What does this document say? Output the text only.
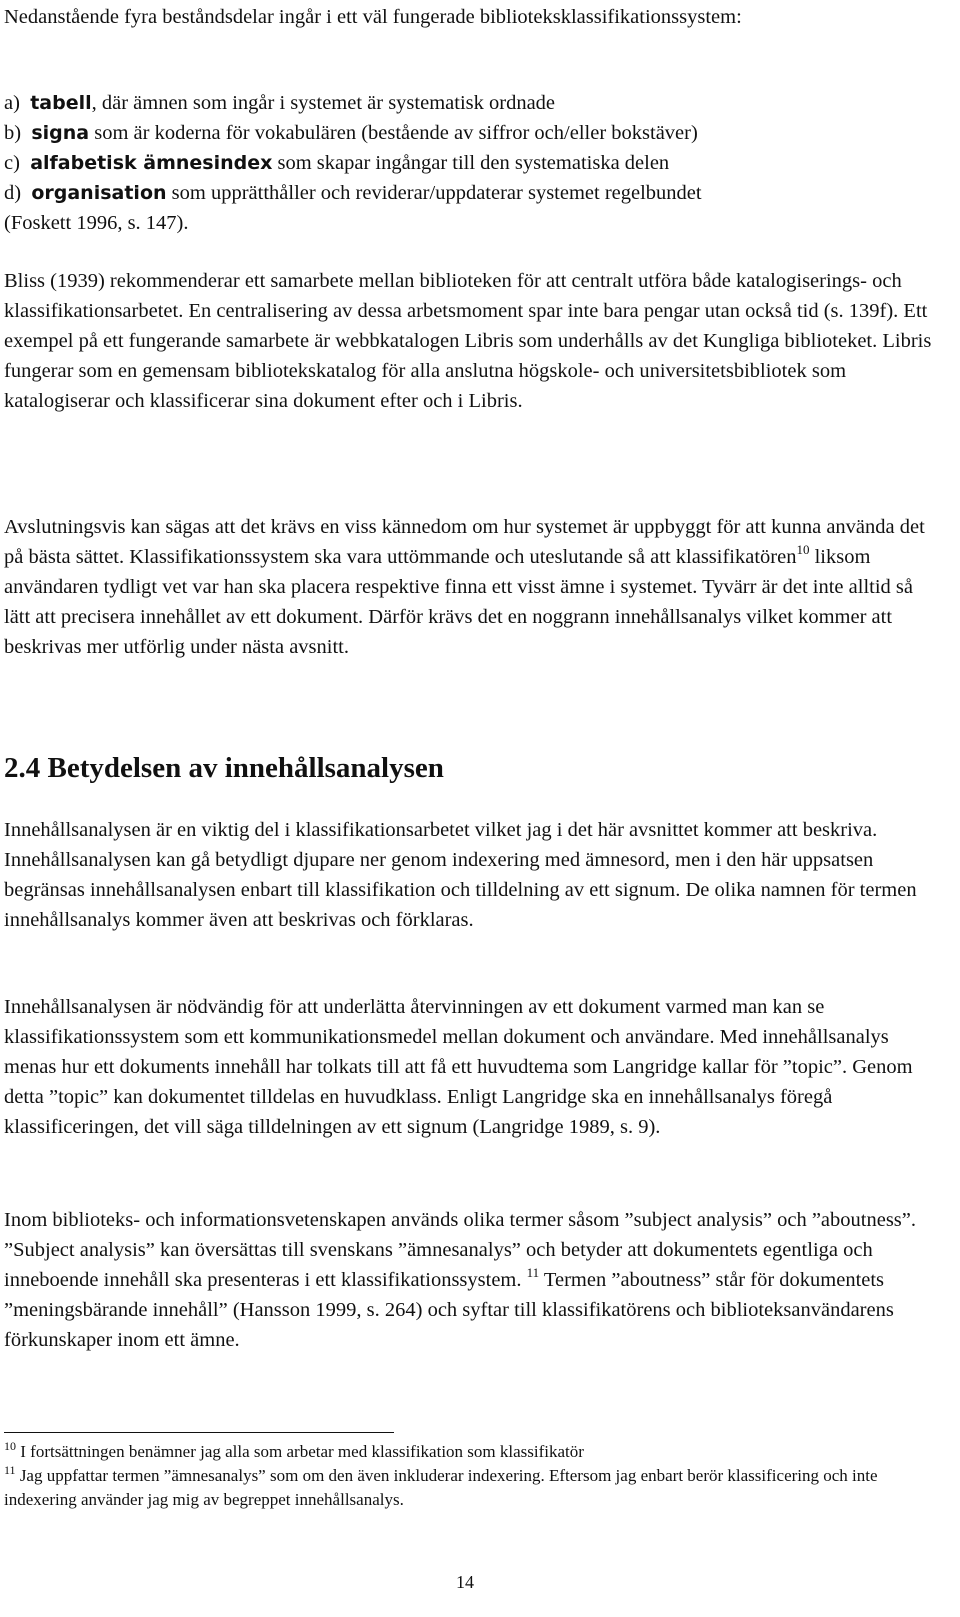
Nedanstående fyra beståndsdelar ingår i ett väl fungerade biblioteksklassifikationssystem:

a) tabell, där ämnen som ingår i systemet är systematisk ordnade
b) signa som är koderna för vokabulären (bestående av siffror och/eller bokstäver)
c) alfabetisk ämnesindex som skapar ingångar till den systematiska delen
d) organisation som upprätthåller och reviderar/uppdaterar systemet regelbundet
(Foskett 1996, s. 147).

Bliss (1939) rekommenderar ett samarbete mellan biblioteken för att centralt utföra både katalogiserings- och klassifikationsarbetet. En centralisering av dessa arbetsmoment spar inte bara pengar utan också tid (s. 139f). Ett exempel på ett fungerande samarbete är webbkatalogen Libris som underhålls av det Kungliga biblioteket. Libris fungerar som en gemensam bibliotekskatalog för alla anslutna högskole- och universitetsbibliotek som katalogiserar och klassificerar sina dokument efter och i Libris.

Avslutningsvis kan sägas att det krävs en viss kännedom om hur systemet är uppbyggt för att kunna använda det på bästa sättet. Klassifikationssystem ska vara uttömmande och uteslutande så att klassifikatören$^{10}$ liksom användaren tydligt vet var han ska placera respektive finna ett visst ämne i systemet. Tyvärr är det inte alltid så lätt att precisera innehållet av ett dokument. Därför krävs det en noggrann innehållsanalys vilket kommer att beskrivas mer utförlig under nästa avsnitt.

2.4 Betydelsen av innehållsanalysen

Innehållsanalysen är en viktig del i klassifikationsarbetet vilket jag i det här avsnittet kommer att beskriva. Innehållsanalysen kan gå betydligt djupare ner genom indexering med ämnesord, men i den här uppsatsen begränsas innehållsanalysen enbart till klassifikation och tilldelning av ett signum. De olika namnen för termen innehållsanalys kommer även att beskrivas och förklaras.

Innehållsanalysen är nödvändig för att underlätta återvinningen av ett dokument varmed man kan se klassifikationssystem som ett kommunikationsmedel mellan dokument och användare. Med innehållsanalys menas hur ett dokuments innehåll har tolkats till att få ett huvudtema som Langridge kallar för ”topic”. Genom detta ”topic” kan dokumentet tilldelas en huvudklass. Enligt Langridge ska en innehållsanalys föregå klassificeringen, det vill säga tilldelningen av ett signum (Langridge 1989, s. 9).

Inom biblioteks- och informationsvetenskapen används olika termer såsom ”subject analysis” och ”aboutness”. ”Subject analysis” kan översättas till svenskans ”ämnesanalys” och betyder att dokumentets egentliga och inneboende innehåll ska presenteras i ett klassifikationssystem. $^{11}$ Termen ”aboutness” står för dokumentets ”meningsbärande innehåll” (Hansson 1999, s. 264) och syftar till klassifikatörens och biblioteksanvändarens förkunskaper inom ett ämne.

$^{10}$ I fortsättningen benämner jag alla som arbetar med klassifikation som klassifikatör

$^{11}$ Jag uppfattar termen ”ämnesanalys” som om den även inkluderar indexering. Eftersom jag enbart berör klassificering och inte indexering använder jag mig av begreppet innehållsanalys.

14
